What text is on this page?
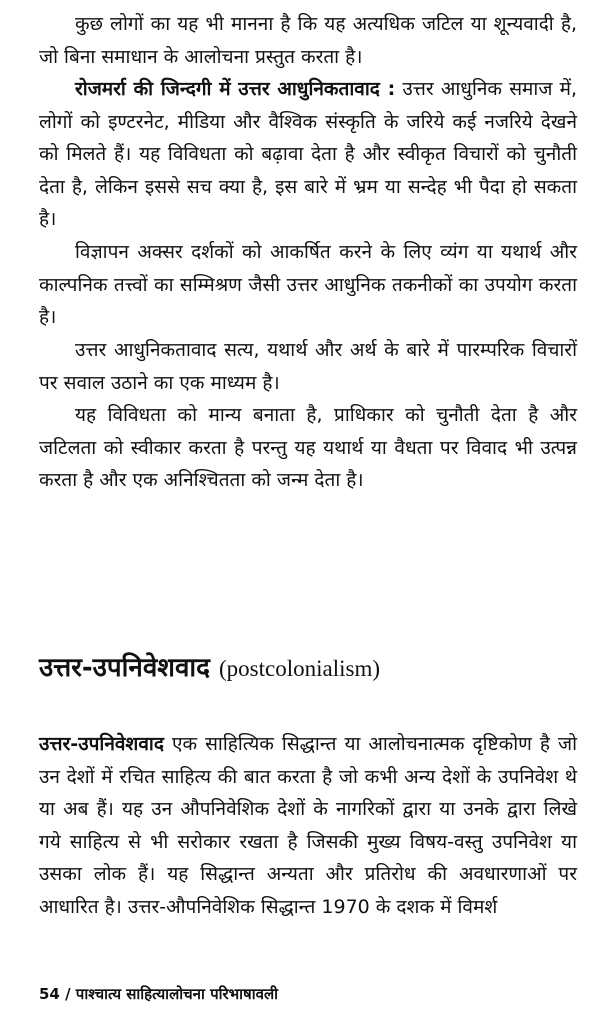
कुछ लोगों का यह भी मानना है कि यह अत्यधिक जटिल या शून्यवादी है, जो बिना समाधान के आलोचना प्रस्तुत करता है।

रोजमर्रा की जिन्दगी में उत्तर आधुनिकतावाद : उत्तर आधुनिक समाज में, लोगों को इण्टरनेट, मीडिया और वैश्विक संस्कृति के जरिये कई नजरिये देखने को मिलते हैं। यह विविधता को बढ़ावा देता है और स्वीकृत विचारों को चुनौती देता है, लेकिन इससे सच क्या है, इस बारे में भ्रम या सन्देह भी पैदा हो सकता है।

विज्ञापन अक्सर दर्शकों को आकर्षित करने के लिए व्यंग या यथार्थ और काल्पनिक तत्त्वों का सम्मिश्रण जैसी उत्तर आधुनिक तकनीकों का उपयोग करता है।

उत्तर आधुनिकतावाद सत्य, यथार्थ और अर्थ के बारे में पारम्परिक विचारों पर सवाल उठाने का एक माध्यम है।

यह विविधता को मान्य बनाता है, प्राधिकार को चुनौती देता है और जटिलता को स्वीकार करता है परन्तु यह यथार्थ या वैधता पर विवाद भी उत्पन्न करता है और एक अनिश्चितता को जन्म देता है।

उत्तर-उपनिवेशवाद (postcolonialism)

उत्तर-उपनिवेशवाद एक साहित्यिक सिद्धान्त या आलोचनात्मक दृष्टिकोण है जो उन देशों में रचित साहित्य की बात करता है जो कभी अन्य देशों के उपनिवेश थे या अब हैं। यह उन औपनिवेशिक देशों के नागरिकों द्वारा या उनके द्वारा लिखे गये साहित्य से भी सरोकार रखता है जिसकी मुख्य विषय-वस्तु उपनिवेश या उसका लोक हैं। यह सिद्धान्त अन्यता और प्रतिरोध की अवधारणाओं पर आधारित है। उत्तर-औपनिवेशिक सिद्धान्त 1970 के दशक में विमर्श

54 / पाश्चात्य साहित्यालोचना परिभाषावली
